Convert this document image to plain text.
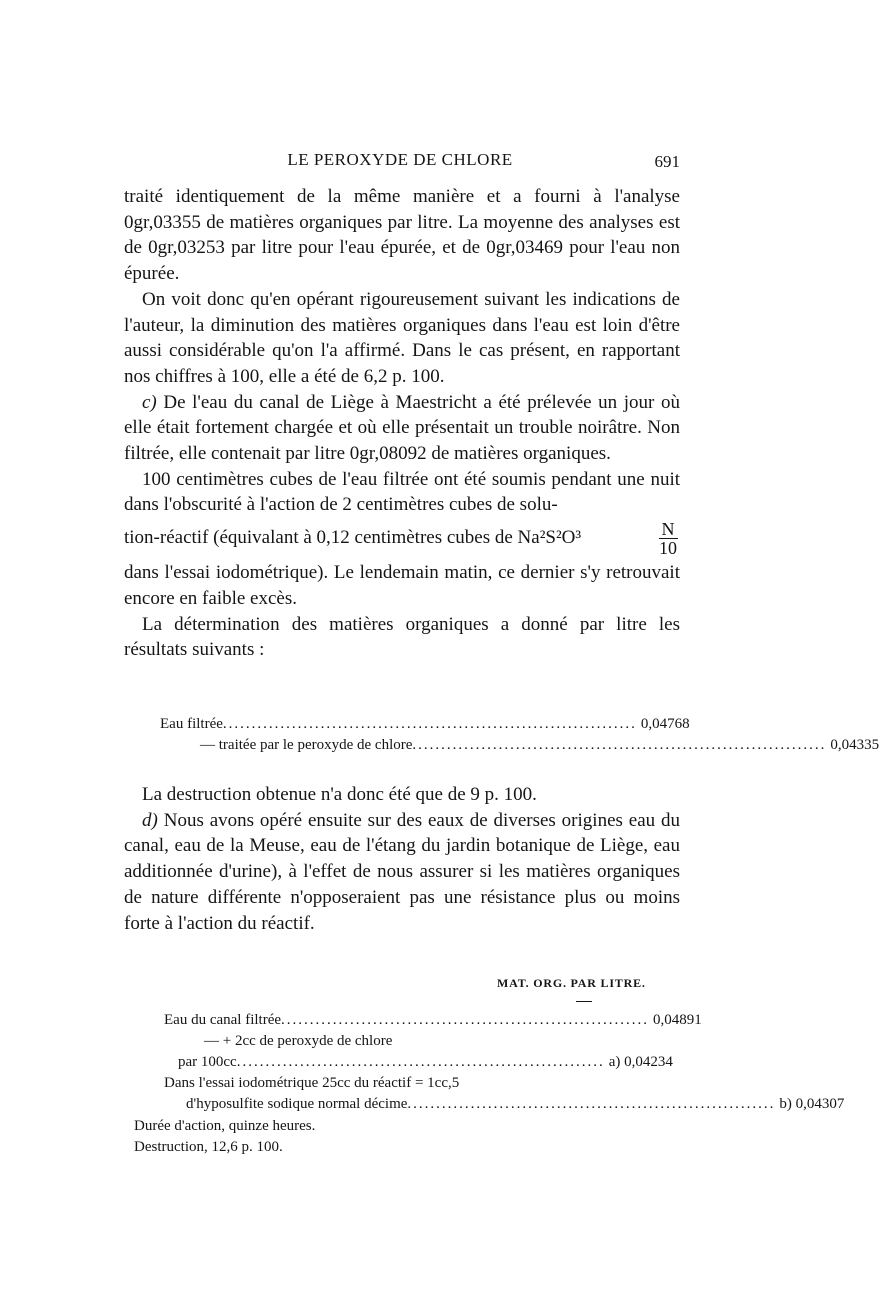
LE PEROXYDE DE CHLORE	691

traité identiquement de la même manière et a fourni à l'analyse 0gr,03355 de matières organiques par litre. La moyenne des analyses est de 0gr,03253 par litre pour l'eau épurée, et de 0gr,03469 pour l'eau non épurée.

On voit donc qu'en opérant rigoureusement suivant les indications de l'auteur, la diminution des matières organiques dans l'eau est loin d'être aussi considérable qu'on l'a affirmé. Dans le cas présent, en rapportant nos chiffres à 100, elle a été de 6,2 p. 100.

c) De l'eau du canal de Liège à Maestricht a été prélevée un jour où elle était fortement chargée et où elle présentait un trouble noirâtre. Non filtrée, elle contenait par litre 0gr,08092 de matières organiques.

100 centimètres cubes de l'eau filtrée ont été soumis pendant une nuit dans l'obscurité à l'action de 2 centimètres cubes de solu-

tion-réactif (équivalant à 0,12 centimètres cubes de Na²S²O³	$\frac{N}{10}$

dans l'essai iodométrique). Le lendemain matin, ce dernier s'y retrouvait encore en faible excès.

La détermination des matières organiques a donné par litre les résultats suivants :

Eau filtrée ........................................................................ 0,04768
— traitée par le peroxyde de chlore ........................................................................ 0,04335

La destruction obtenue n'a donc été que de 9 p. 100.

d) Nous avons opéré ensuite sur des eaux de diverses origines eau du canal, eau de la Meuse, eau de l'étang du jardin botanique de Liège, eau additionnée d'urine), à l'effet de nous assurer si les matières organiques de nature différente n'opposeraient pas une résistance plus ou moins forte à l'action du réactif.

MAT. ORG. PAR LITRE.
Eau du canal filtrée ................................................................ 0,04891
— + 2cc de peroxyde de chlore
par 100cc ................................................................ a) 0,04234
Dans l'essai iodométrique 25cc du réactif = 1cc,5
d'hyposulfite sodique normal décime ................................................................ b) 0,04307
Durée d'action, quinze heures.
Destruction, 12,6 p. 100.
